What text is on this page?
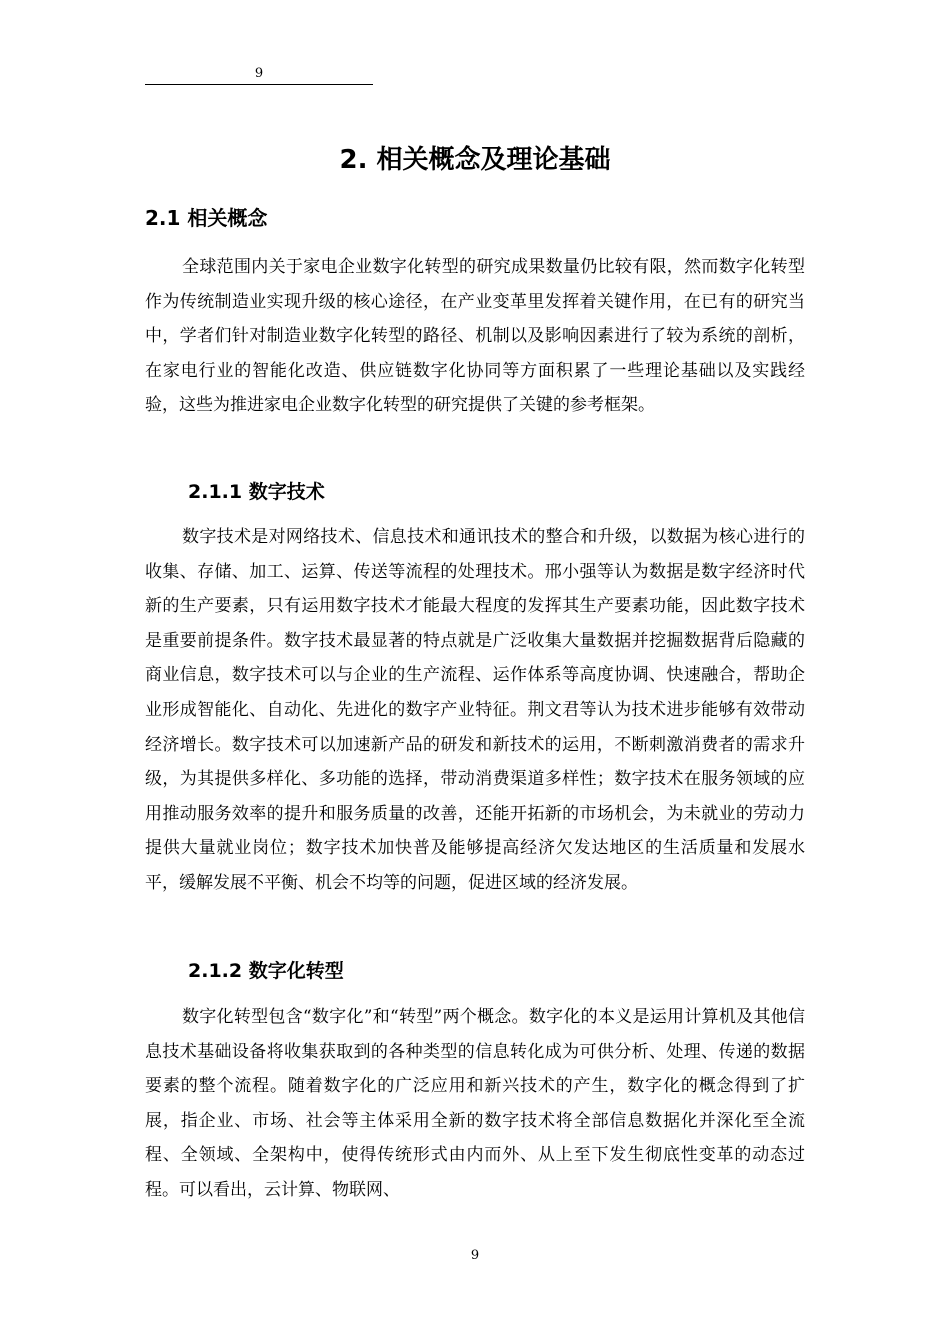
9
2. 相关概念及理论基础
2.1 相关概念

全球范围内关于家电企业数字化转型的研究成果数量仍比较有限，然而数字化转型作为传统制造业实现升级的核心途径，在产业变革里发挥着关键作用，在已有的研究当中，学者们针对制造业数字化转型的路径、机制以及影响因素进行了较为系统的剖析，在家电行业的智能化改造、供应链数字化协同等方面积累了一些理论基础以及实践经验，这些为推进家电企业数字化转型的研究提供了关键的参考框架。

2.1.1 数字技术

数字技术是对网络技术、信息技术和通讯技术的整合和升级，以数据为核心进行的收集、存储、加工、运算、传送等流程的处理技术。邢小强等认为数据是数字经济时代新的生产要素，只有运用数字技术才能最大程度的发挥其生产要素功能，因此数字技术是重要前提条件。数字技术最显著的特点就是广泛收集大量数据并挖掘数据背后隐藏的商业信息，数字技术可以与企业的生产流程、运作体系等高度协调、快速融合，帮助企业形成智能化、自动化、先进化的数字产业特征。荆文君等认为技术进步能够有效带动经济增长。数字技术可以加速新产品的研发和新技术的运用，不断刺激消费者的需求升级，为其提供多样化、多功能的选择，带动消费渠道多样性；数字技术在服务领域的应用推动服务效率的提升和服务质量的改善，还能开拓新的市场机会，为未就业的劳动力提供大量就业岗位；数字技术加快普及能够提高经济欠发达地区的生活质量和发展水平，缓解发展不平衡、机会不均等的问题，促进区域的经济发展。

2.1.2 数字化转型

数字化转型包含“数字化”和“转型”两个概念。数字化的本义是运用计算机及其他信息技术基础设备将收集获取到的各种类型的信息转化成为可供分析、处理、传递的数据要素的整个流程。随着数字化的广泛应用和新兴技术的产生，数字化的概念得到了扩展，指企业、市场、社会等主体采用全新的数字技术将全部信息数据化并深化至全流程、全领域、全架构中，使得传统形式由内而外、从上至下发生彻底性变革的动态过程。可以看出，云计算、物联网、

9
